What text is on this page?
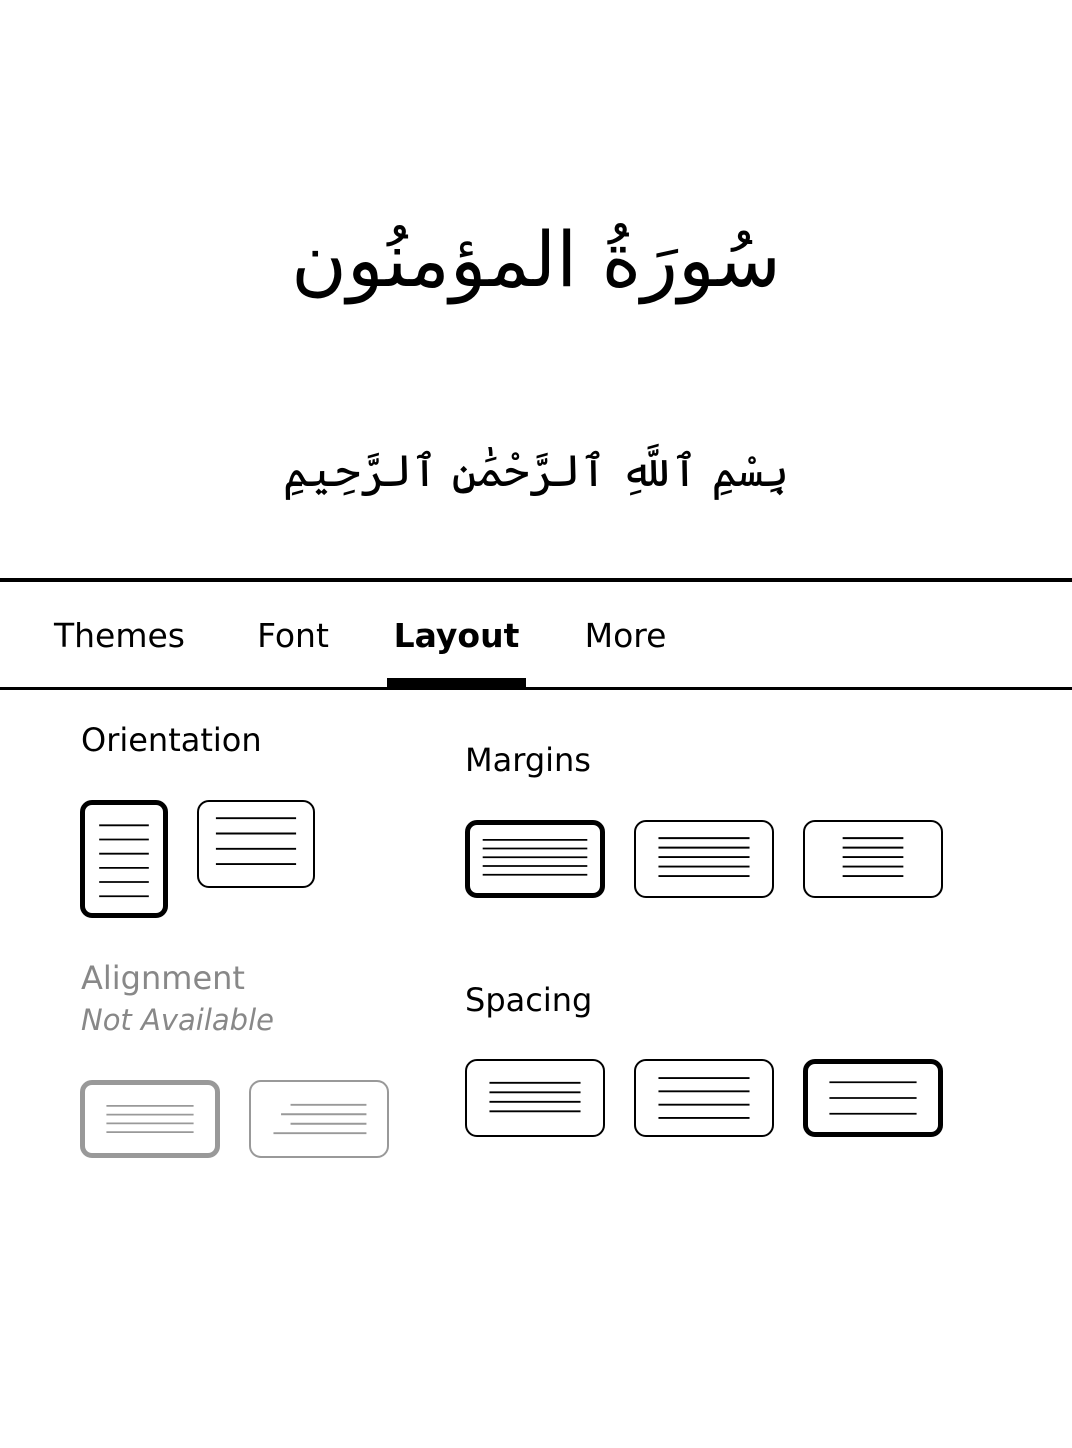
سُورَةُ المؤمنُون
بِسْمِ ٱللَّهِ ٱلرَّحْمَٰنِ ٱلرَّحِيمِ
Themes Font Layout More
Orientation
Margins
Alignment
Not Available
Spacing
